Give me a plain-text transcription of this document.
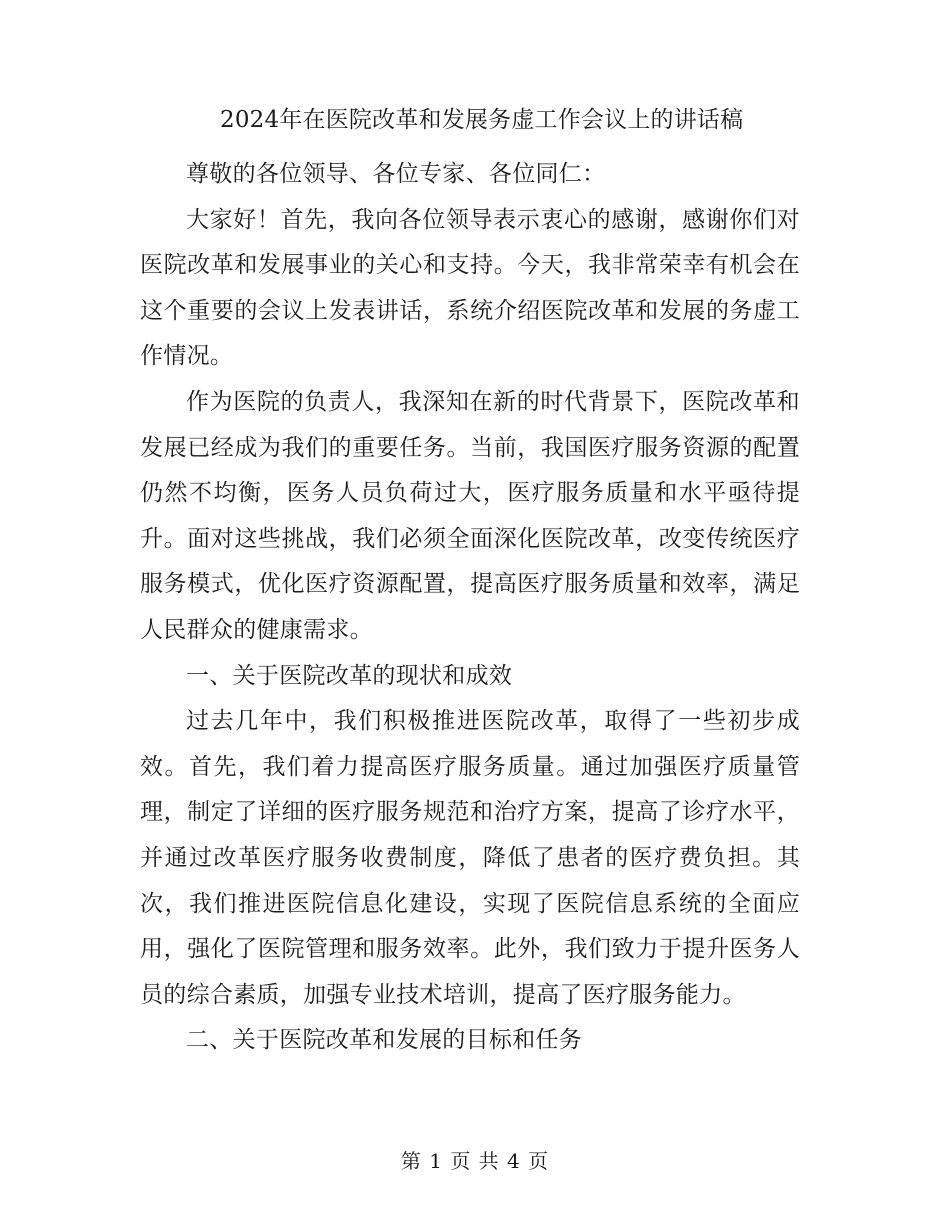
2024年在医院改革和发展务虚工作会议上的讲话稿

尊敬的各位领导、各位专家、各位同仁：

大家好！首先，我向各位领导表示衷心的感谢，感谢你们对医院改革和发展事业的关心和支持。今天，我非常荣幸有机会在这个重要的会议上发表讲话，系统介绍医院改革和发展的务虚工作情况。

作为医院的负责人，我深知在新的时代背景下，医院改革和发展已经成为我们的重要任务。当前，我国医疗服务资源的配置仍然不均衡，医务人员负荷过大，医疗服务质量和水平亟待提升。面对这些挑战，我们必须全面深化医院改革，改变传统医疗服务模式，优化医疗资源配置，提高医疗服务质量和效率，满足人民群众的健康需求。

一、关于医院改革的现状和成效

过去几年中，我们积极推进医院改革，取得了一些初步成效。首先，我们着力提高医疗服务质量。通过加强医疗质量管理，制定了详细的医疗服务规范和治疗方案，提高了诊疗水平，并通过改革医疗服务收费制度，降低了患者的医疗费负担。其次，我们推进医院信息化建设，实现了医院信息系统的全面应用，强化了医院管理和服务效率。此外，我们致力于提升医务人员的综合素质，加强专业技术培训，提高了医疗服务能力。

二、关于医院改革和发展的目标和任务

第 1 页 共 4 页
